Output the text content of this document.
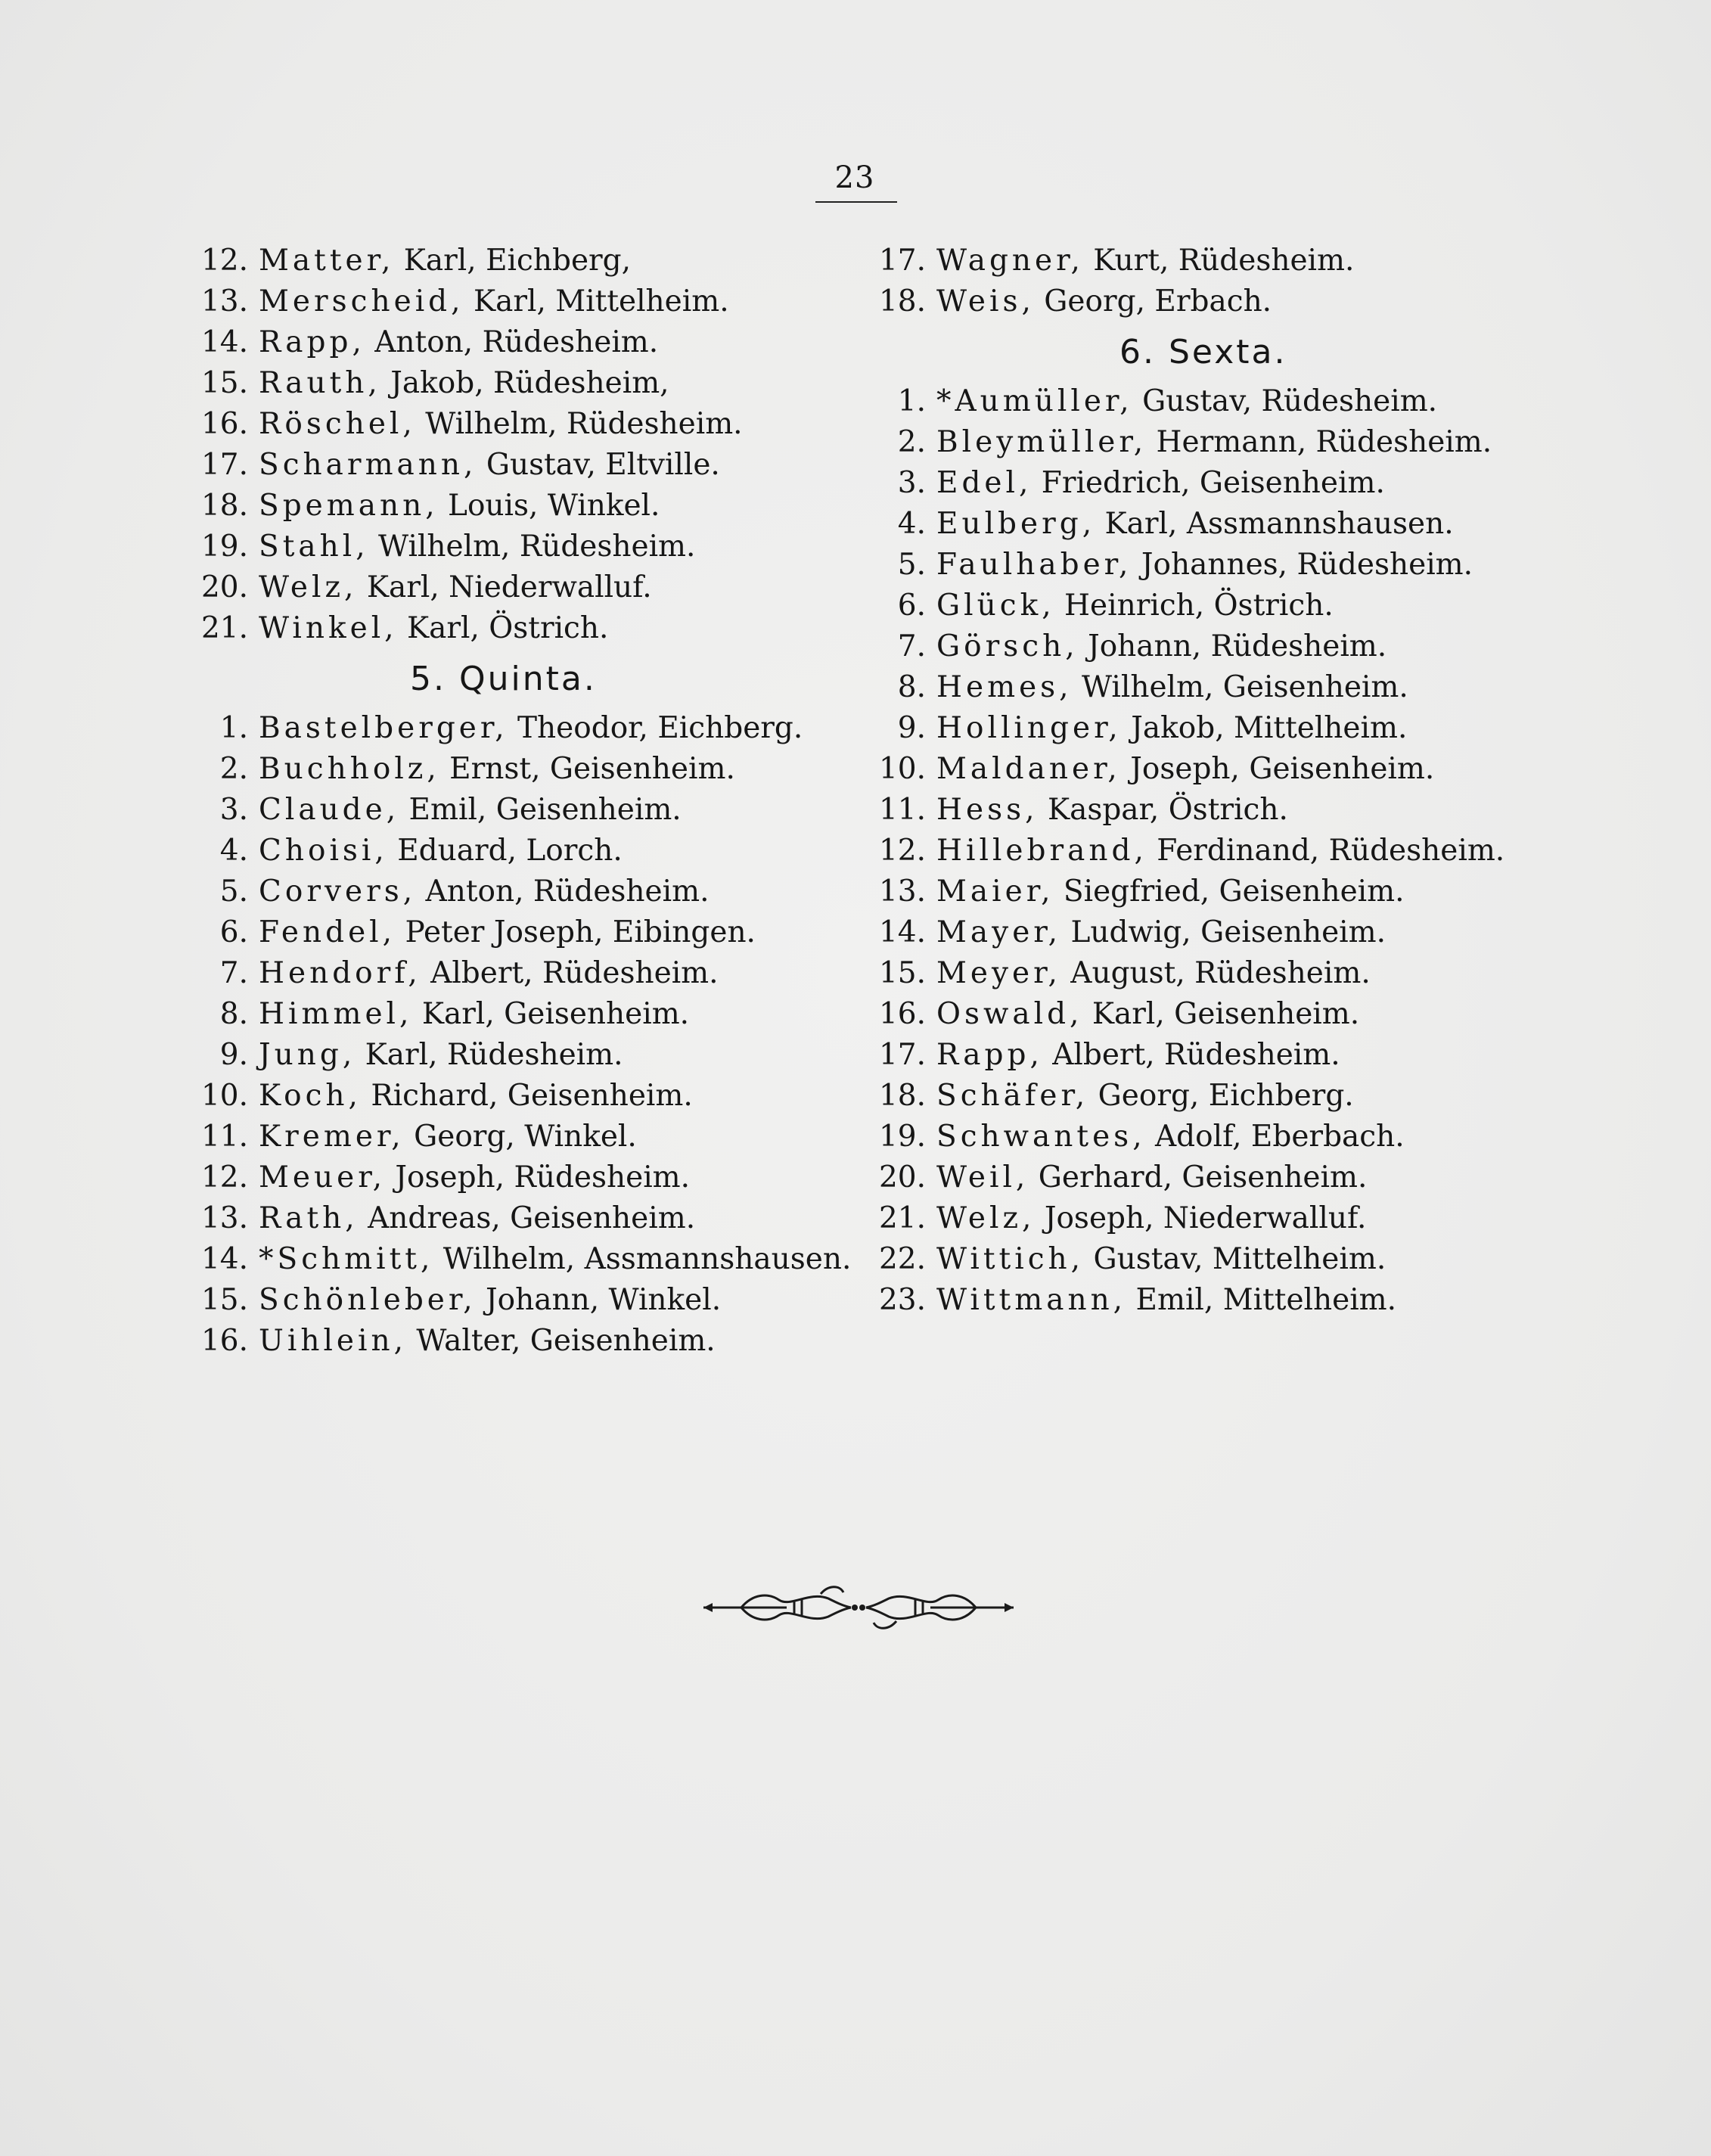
23
12. Matter, Karl, Eichberg,
13. Merscheid, Karl, Mittelheim.
14. Rapp, Anton, Rüdesheim.
15. Rauth, Jakob, Rüdesheim,
16. Röschel, Wilhelm, Rüdesheim.
17. Scharmann, Gustav, Eltville.
18. Spemann, Louis, Winkel.
19. Stahl, Wilhelm, Rüdesheim.
20. Welz, Karl, Niederwalluf.
21. Winkel, Karl, Östrich.
5. Quinta.
1. Bastelberger, Theodor, Eichberg.
2. Buchholz, Ernst, Geisenheim.
3. Claude, Emil, Geisenheim.
4. Choisi, Eduard, Lorch.
5. Corvers, Anton, Rüdesheim.
6. Fendel, Peter Joseph, Eibingen.
7. Hendorf, Albert, Rüdesheim.
8. Himmel, Karl, Geisenheim.
9. Jung, Karl, Rüdesheim.
10. Koch, Richard, Geisenheim.
11. Kremer, Georg, Winkel.
12. Meuer, Joseph, Rüdesheim.
13. Rath, Andreas, Geisenheim.
14. *Schmitt, Wilhelm, Assmannshausen.
15. Schönleber, Johann, Winkel.
16. Uihlein, Walter, Geisenheim.
17. Wagner, Kurt, Rüdesheim.
18. Weis, Georg, Erbach.
6. Sexta.
1. *Aumüller, Gustav, Rüdesheim.
2. Bleymüller, Hermann, Rüdesheim.
3. Edel, Friedrich, Geisenheim.
4. Eulberg, Karl, Assmannshausen.
5. Faulhaber, Johannes, Rüdesheim.
6. Glück, Heinrich, Östrich.
7. Görsch, Johann, Rüdesheim.
8. Hemes, Wilhelm, Geisenheim.
9. Hollinger, Jakob, Mittelheim.
10. Maldaner, Joseph, Geisenheim.
11. Hess, Kaspar, Östrich.
12. Hillebrand, Ferdinand, Rüdesheim.
13. Maier, Siegfried, Geisenheim.
14. Mayer, Ludwig, Geisenheim.
15. Meyer, August, Rüdesheim.
16. Oswald, Karl, Geisenheim.
17. Rapp, Albert, Rüdesheim.
18. Schäfer, Georg, Eichberg.
19. Schwantes, Adolf, Eberbach.
20. Weil, Gerhard, Geisenheim.
21. Welz, Joseph, Niederwalluf.
22. Wittich, Gustav, Mittelheim.
23. Wittmann, Emil, Mittelheim.
